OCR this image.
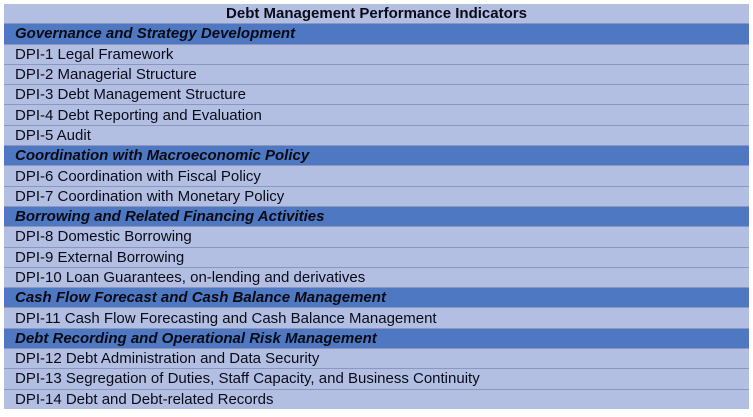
Debt Management Performance Indicators
Governance and Strategy Development
DPI-1 Legal Framework
DPI-2 Managerial Structure
DPI-3 Debt Management Structure
DPI-4 Debt Reporting and Evaluation
DPI-5 Audit
Coordination with Macroeconomic Policy
DPI-6 Coordination with Fiscal Policy
DPI-7 Coordination with Monetary Policy
Borrowing and Related Financing Activities
DPI-8 Domestic Borrowing
DPI-9 External Borrowing
DPI-10 Loan Guarantees, on-lending and derivatives
Cash Flow Forecast and Cash Balance Management
DPI-11 Cash Flow Forecasting and Cash Balance Management
Debt Recording and Operational Risk Management
DPI-12 Debt Administration and Data Security
DPI-13 Segregation of Duties, Staff Capacity, and Business Continuity
DPI-14 Debt and Debt-related Records
